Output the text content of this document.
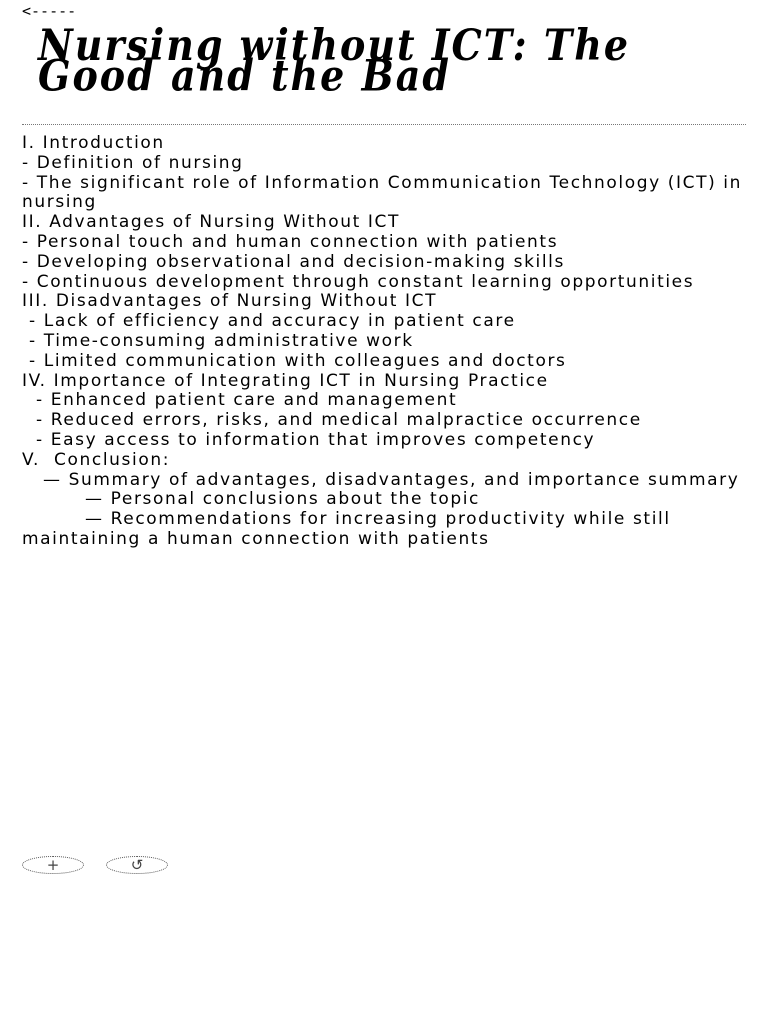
<-----
Nursing without ICT: The Good and the Bad
I. Introduction
- Definition of nursing
- The significant role of Information Communication Technology (ICT) in nursing
II. Advantages of Nursing Without ICT
- Personal touch and human connection with patients
- Developing observational and decision-making skills
- Continuous development through constant learning opportunities
III. Disadvantages of Nursing Without ICT
- Lack of efficiency and accuracy in patient care
- Time-consuming administrative work
- Limited communication with colleagues and doctors
IV. Importance of Integrating ICT in Nursing Practice
- Enhanced patient care and management
- Reduced errors, risks, and medical malpractice occurrence
- Easy access to information that improves competency
V.  Conclusion:
— Summary of advantages, disadvantages, and importance summary
— Personal conclusions about the topic
— Recommendations for increasing productivity while still maintaining a human connection with patients
+	↺
